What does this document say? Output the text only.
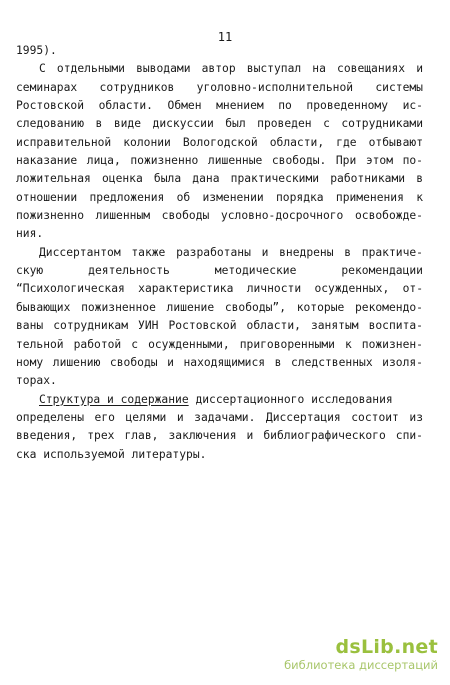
11
1995).
С отдельными выводами автор выступал на совещаниях и
семинарах сотрудников уголовно-исполнительной системы
Ростовской области. Обмен мнением по проведенному ис-
следованию в виде дискуссии был проведен с сотрудниками
исправительной колонии Вологодской области, где отбывают
наказание лица, пожизненно лишенные свободы. При этом по-
ложительная оценка была дана практическими работниками в
отношении предложения об изменении порядка применения к
пожизненно лишенным свободы условно-досрочного освобожде-
ния.
Диссертантом также разработаны и внедрены в практиче-
скую деятельность методические рекомендации
“Психологическая характеристика личности осужденных, от-
бывающих пожизненное лишение свободы”, которые рекомендо-
ваны сотрудникам УИН Ростовской области, занятым воспита-
тельной работой с осужденными, приговоренными к пожизнен-
ному лишению свободы и находящимися в следственных изоля-
торах.
Структура и содержание диссертационного исследования
определены его целями и задачами. Диссертация состоит из
введения, трех глав, заключения и библиографического спи-
ска используемой литературы.
dsLib.net
библиотека диссертаций
